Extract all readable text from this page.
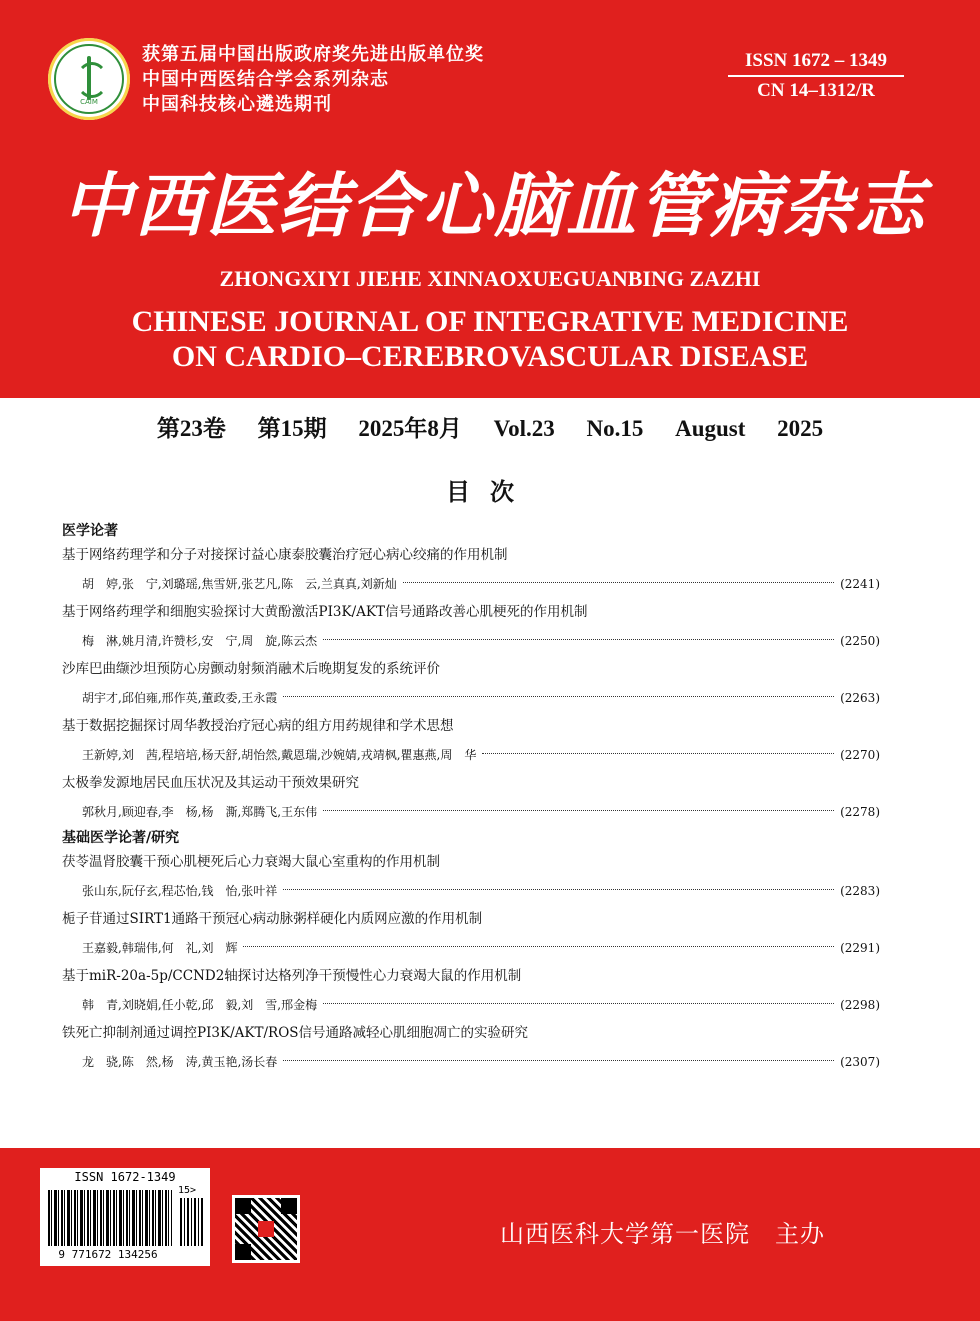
CAIM
获第五届中国出版政府奖先进出版单位奖
中国中西医结合学会系列杂志
中国科技核心遴选期刊
ISSN 1672 – 1349
CN 14–1312/R
中西医结合心脑血管病杂志
ZHONGXIYI JIEHE XINNAOXUEGUANBING ZAZHI
CHINESE JOURNAL OF INTEGRATIVE MEDICINE
ON CARDIO–CEREBROVASCULAR DISEASE
第23卷 第15期 2025年8月 Vol.23 No.15 August 2025
目次
医学论著
基于网络药理学和分子对接探讨益心康泰胶囊治疗冠心病心绞痛的作用机制
胡　婷,张　宁,刘璐瑶,焦雪妍,张艺凡,陈　云,兰真真,刘新灿	(2241)
基于网络药理学和细胞实验探讨大黄酚激活PI3K/AKT信号通路改善心肌梗死的作用机制
梅　淋,姚月清,许赞杉,安　宁,周　旋,陈云杰	(2250)
沙库巴曲缬沙坦预防心房颤动射频消融术后晚期复发的系统评价
胡宇才,邱伯雍,邢作英,董政委,王永霞	(2263)
基于数据挖掘探讨周华教授治疗冠心病的组方用药规律和学术思想
王新婷,刘　茜,程培培,杨天舒,胡怡然,戴恩瑞,沙婉婧,戎靖枫,瞿惠燕,周　华	(2270)
太极拳发源地居民血压状况及其运动干预效果研究
郭秋月,顾迎春,李　杨,杨　澌,郑腾飞,王东伟	(2278)
基础医学论著/研究
茯苓温肾胶囊干预心肌梗死后心力衰竭大鼠心室重构的作用机制
张山东,阮仔玄,程芯怡,钱　怡,张叶祥	(2283)
栀子苷通过SIRT1通路干预冠心病动脉粥样硬化内质网应激的作用机制
王嘉毅,韩瑞伟,何　礼,刘　辉	(2291)
基于miR-20a-5p/CCND2轴探讨达格列净干预慢性心力衰竭大鼠的作用机制
韩　青,刘晓娟,任小乾,邱　毅,刘　雪,邢金梅	(2298)
铁死亡抑制剂通过调控PI3K/AKT/ROS信号通路减轻心肌细胞凋亡的实验研究
龙　骁,陈　然,杨　涛,黄玉艳,汤长春	(2307)
ISSN 1672-1349
15>
9 771672 134256
山西医科大学第一医院　主办
